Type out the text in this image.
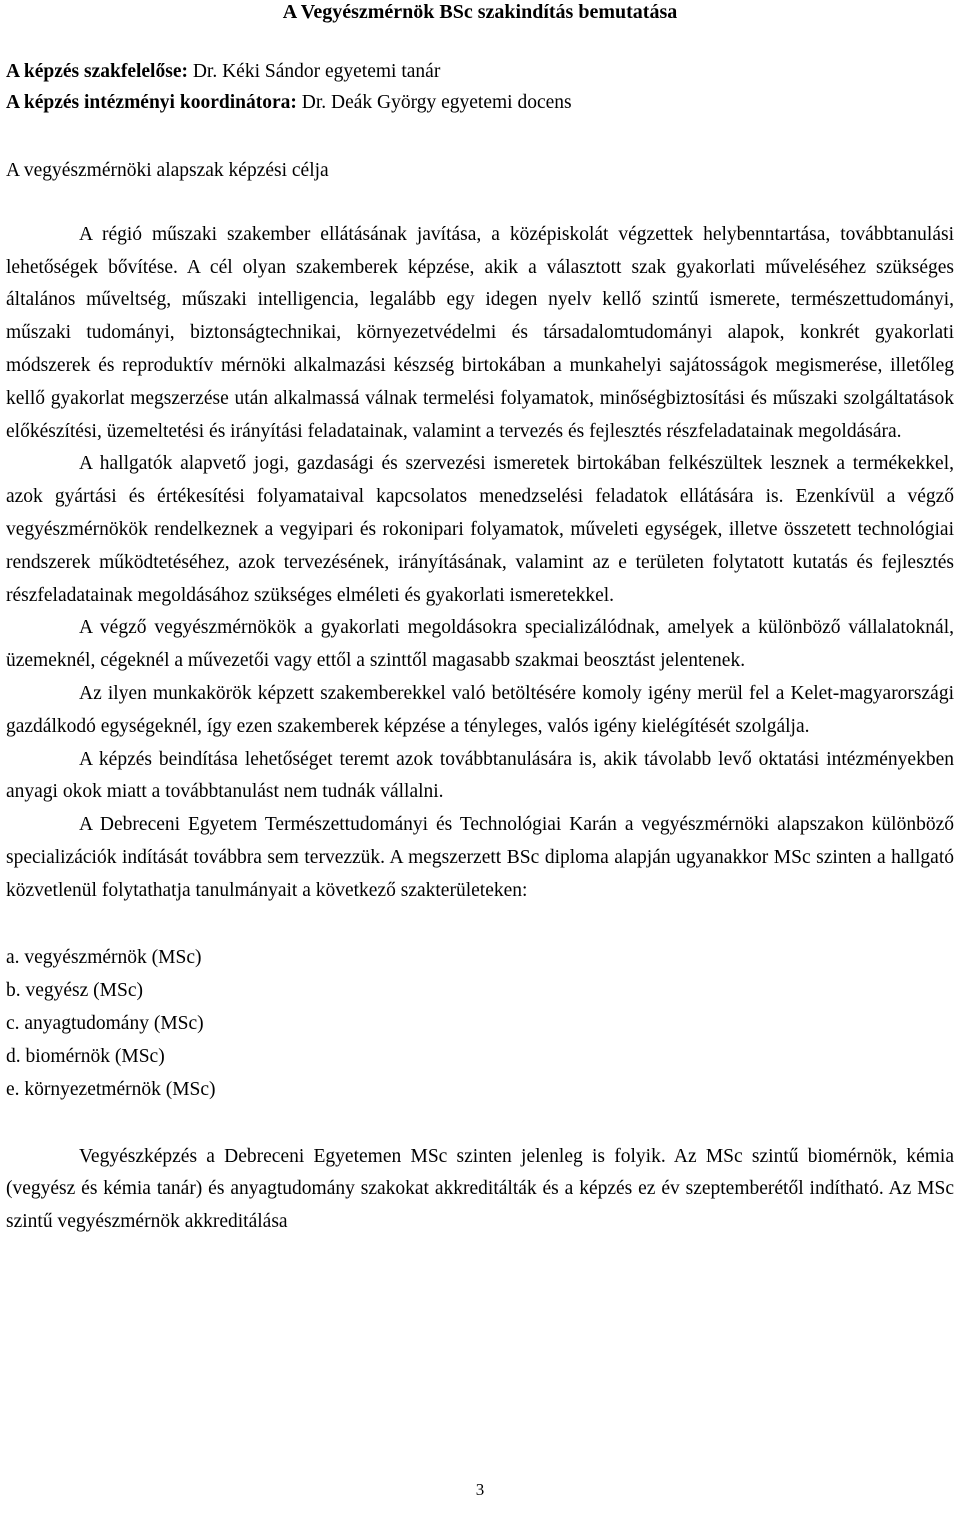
A Vegyészmérnök BSc szakindítás bemutatása

A képzés szakfelelőse: Dr. Kéki Sándor egyetemi tanár

A képzés intézményi koordinátora: Dr. Deák György egyetemi docens

A vegyészmérnöki alapszak képzési célja

A régió műszaki szakember ellátásának javítása, a középiskolát végzettek helybenntartása, továbbtanulási lehetőségek bővítése. A cél olyan szakemberek képzése, akik a választott szak gyakorlati műveléséhez szükséges általános műveltség, műszaki intelligencia, legalább egy idegen nyelv kellő szintű ismerete, természettudományi, műszaki tudományi, biztonságtechnikai, környezetvédelmi és társadalomtudományi alapok, konkrét gyakorlati módszerek és reproduktív mérnöki alkalmazási készség birtokában a munkahelyi sajátosságok megismerése, illetőleg kellő gyakorlat megszerzése után alkalmassá válnak termelési folyamatok, minőségbiztosítási és műszaki szolgáltatások előkészítési, üzemeltetési és irányítási feladatainak, valamint a tervezés és fejlesztés részfeladatainak megoldására.

A hallgatók alapvető jogi, gazdasági és szervezési ismeretek birtokában felkészültek lesznek a termékekkel, azok gyártási és értékesítési folyamataival kapcsolatos menedzselési feladatok ellátására is. Ezenkívül a végző vegyészmérnökök rendelkeznek a vegyipari és rokonipari folyamatok, műveleti egységek, illetve összetett technológiai rendszerek működtetéséhez, azok tervezésének, irányításának, valamint az e területen folytatott kutatás és fejlesztés részfeladatainak megoldásához szükséges elméleti és gyakorlati ismeretekkel.

A végző vegyészmérnökök a gyakorlati megoldásokra specializálódnak, amelyek a különböző vállalatoknál, üzemeknél, cégeknél a művezetői vagy ettől a szinttől magasabb szakmai beosztást jelentenek.

Az ilyen munkakörök képzett szakemberekkel való betöltésére komoly igény merül fel a Kelet-magyarországi gazdálkodó egységeknél, így ezen szakemberek képzése a tényleges, valós igény kielégítését szolgálja.

A képzés beindítása lehetőséget teremt azok továbbtanulására is, akik távolabb levő oktatási intézményekben anyagi okok miatt a továbbtanulást nem tudnák vállalni.

A Debreceni Egyetem Természettudományi és Technológiai Karán a vegyészmérnöki alapszakon különböző specializációk indítását továbbra sem tervezzük. A megszerzett BSc diploma alapján ugyanakkor MSc szinten a hallgató közvetlenül folytathatja tanulmányait a következő szakterületeken:

a. vegyészmérnök (MSc)
b. vegyész (MSc)
c. anyagtudomány (MSc)
d. biomérnök (MSc)
e. környezetmérnök (MSc)

Vegyészképzés a Debreceni Egyetemen MSc szinten jelenleg is folyik. Az MSc szintű biomérnök, kémia (vegyész és kémia tanár) és anyagtudomány szakokat akkreditálták és a képzés ez év szeptemberétől indítható. Az MSc szintű vegyészmérnök akkreditálása

3
